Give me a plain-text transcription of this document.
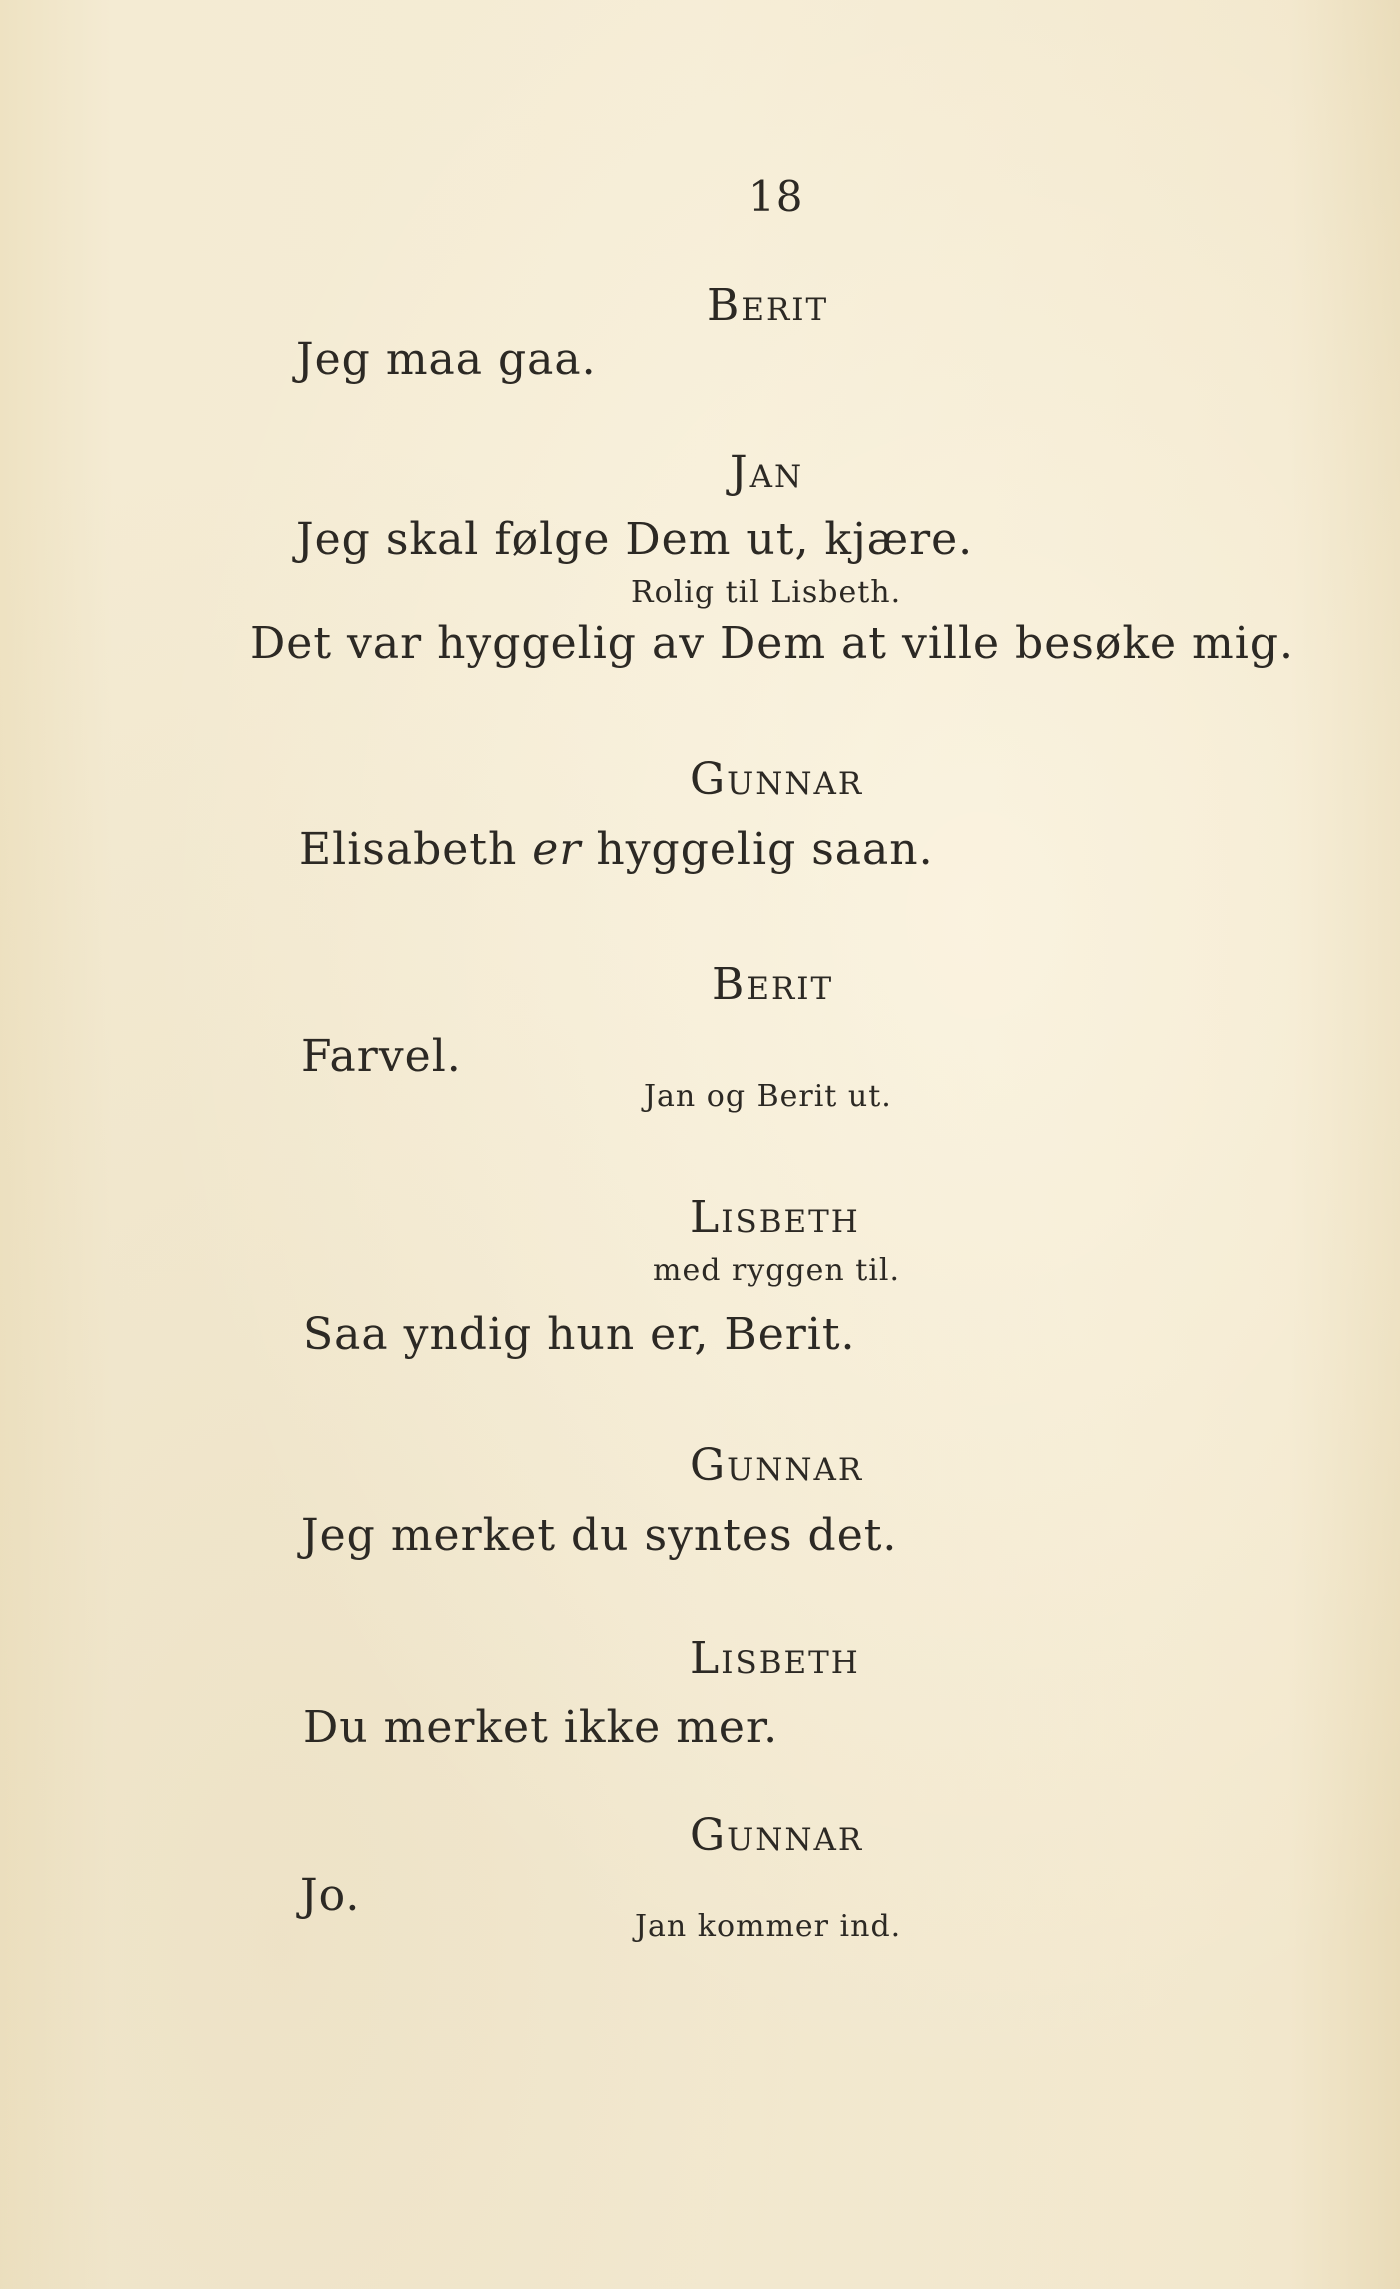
18
Berit
Jeg maa gaa.
Jan
Jeg skal følge Dem ut, kjære.
Rolig til Lisbeth.
Det var hyggelig av Dem at ville besøke mig.
Gunnar
Elisabeth er hyggelig saan.
Berit
Farvel.
Jan og Berit ut.
Lisbeth
med ryggen til.
Saa yndig hun er, Berit.
Gunnar
Jeg merket du syntes det.
Lisbeth
Du merket ikke mer.
Gunnar
Jo.
Jan kommer ind.
